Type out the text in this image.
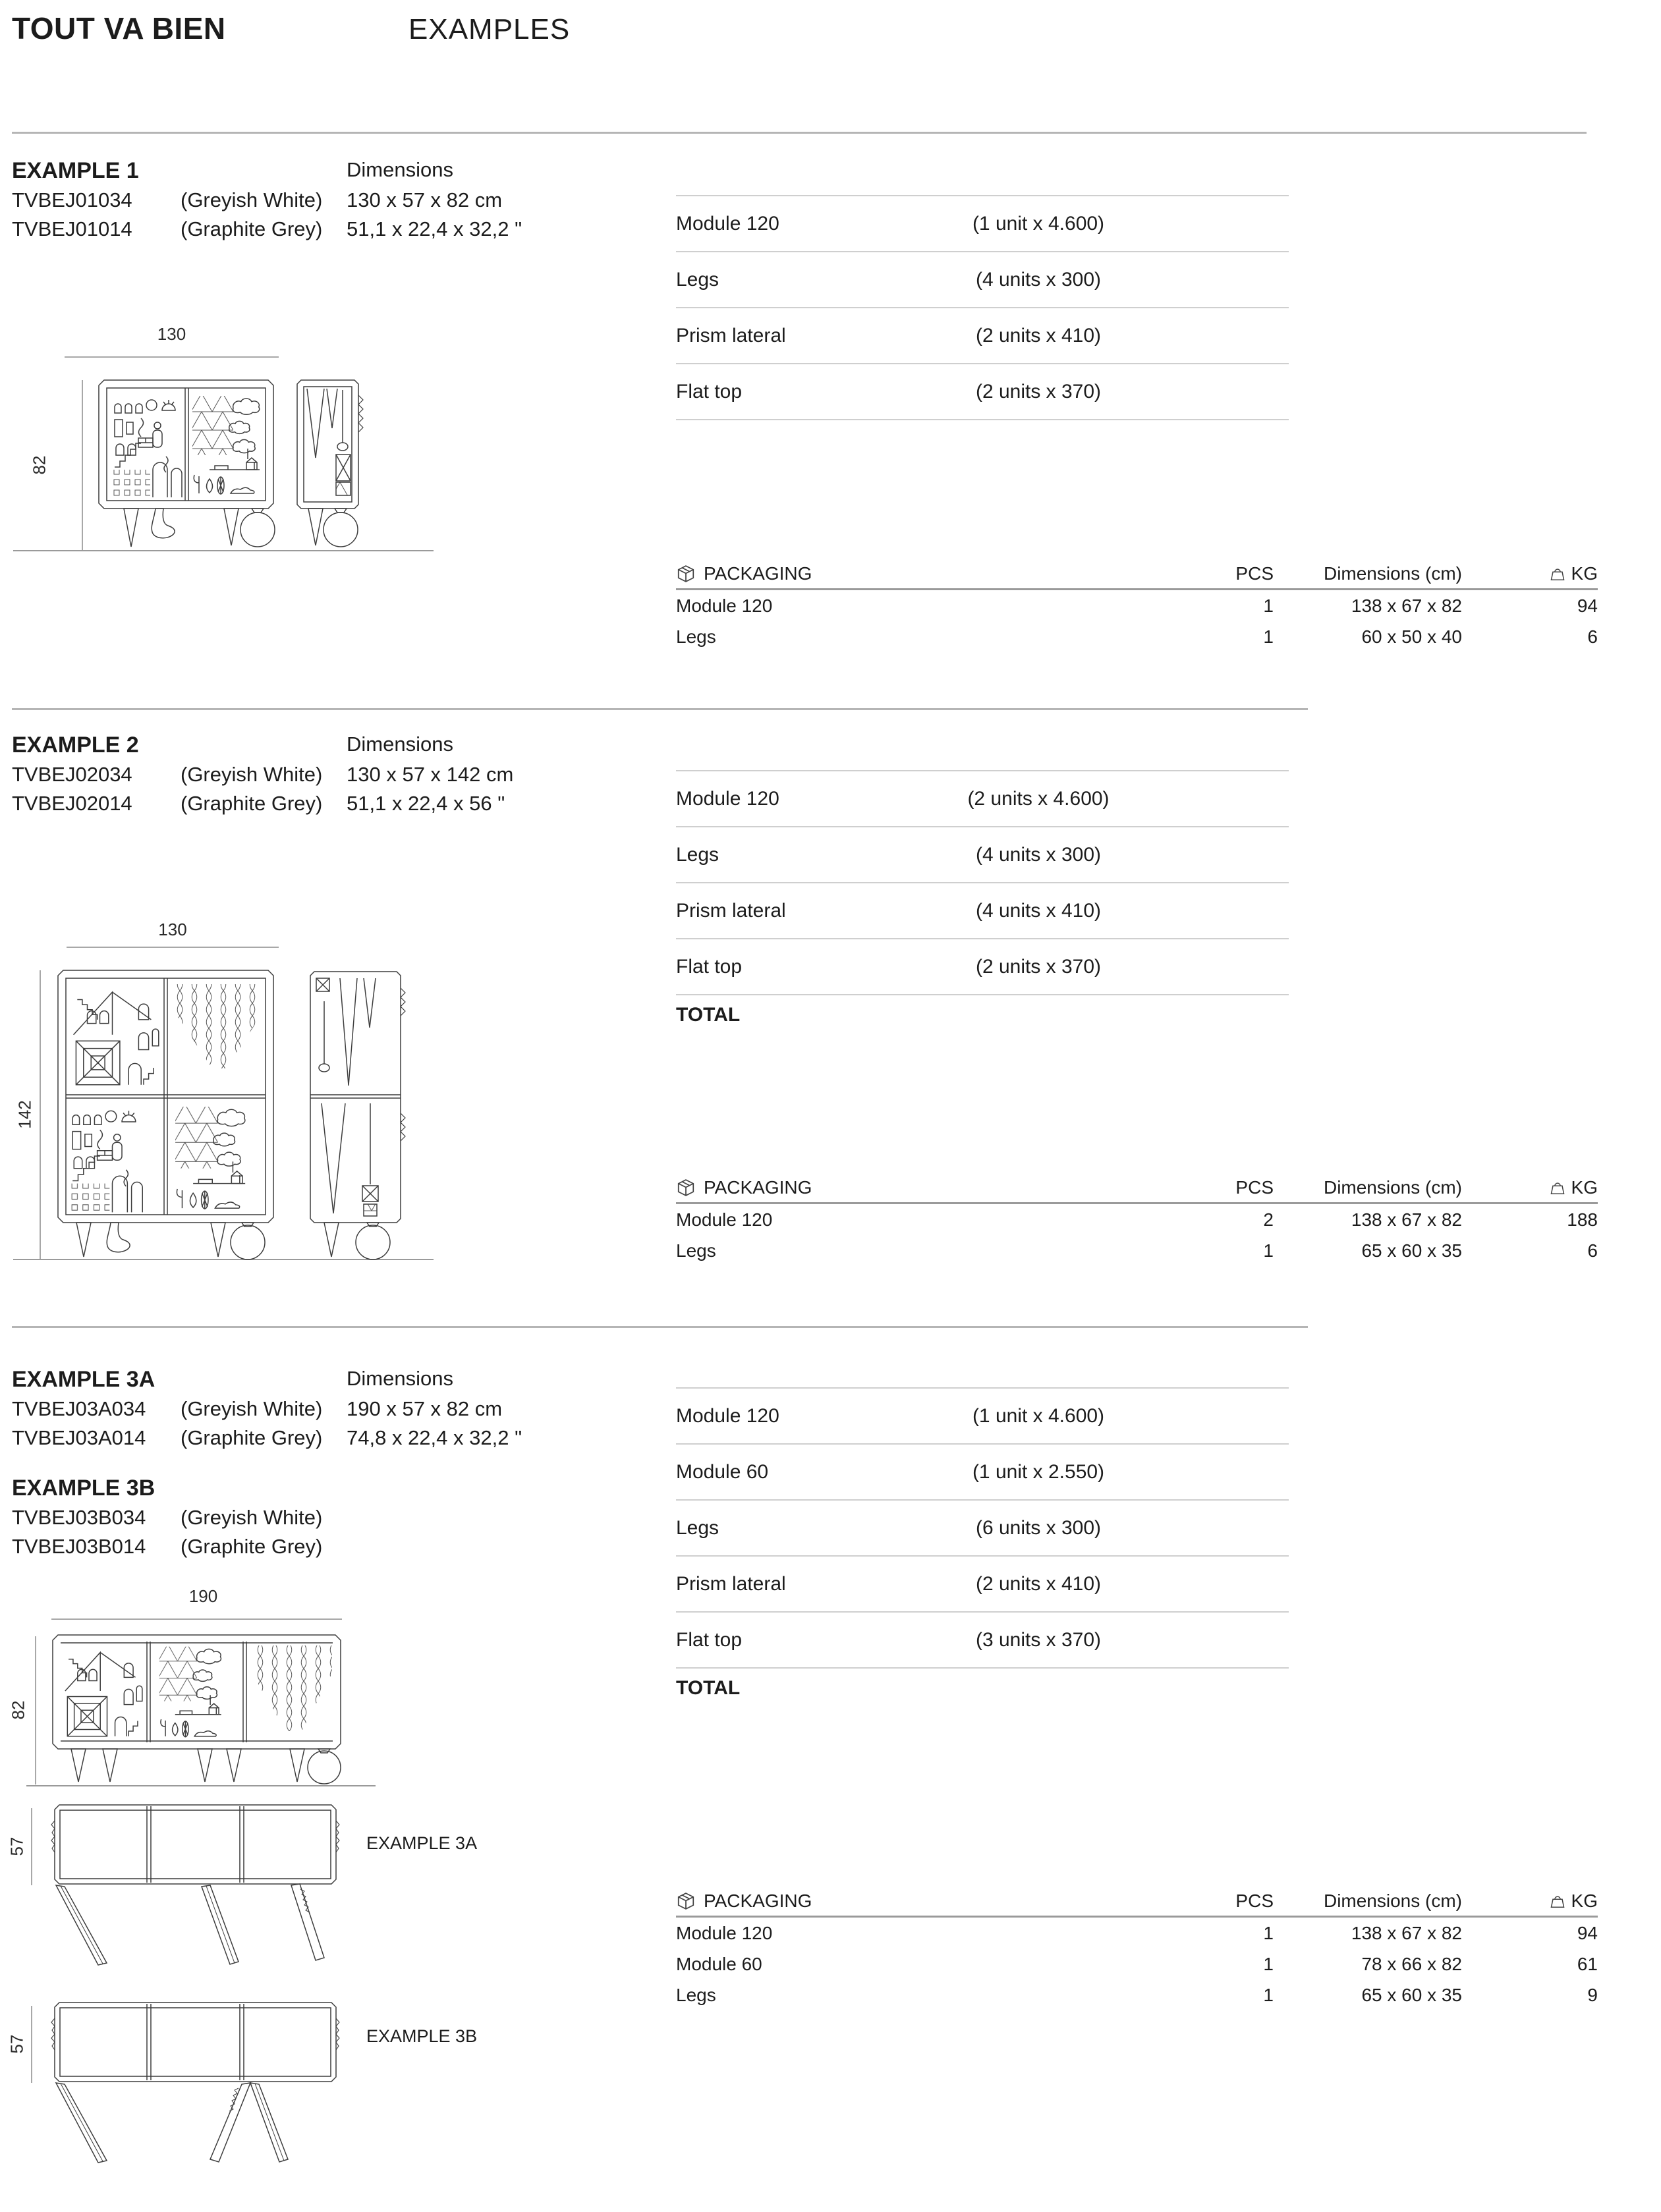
TOUT VA BIEN	EXAMPLES
EXAMPLE 1
TVBEJ01034 (Greyish White)
TVBEJ01014 (Graphite Grey)
Dimensions
130 x 57 x 82 cm
51,1 x 22,4 x 32,2 "
130
82
Module 120	(1 unit x 4.600)
Legs	(4 units x 300)
Prism lateral	(2 units x 410)
Flat top	(2 units x 370)
PACKAGING	PCS	Dimensions (cm)	KG
Module 120	1	138 x 67 x 82	94
Legs	1	60 x 50 x 40	6
EXAMPLE 2
TVBEJ02034 (Greyish White)
TVBEJ02014 (Graphite Grey)
Dimensions
130 x 57 x 142 cm
51,1 x 22,4 x 56 "
130
142
Module 120	(2 units x 4.600)
Legs	(4 units x 300)
Prism lateral	(4 units x 410)
Flat top	(2 units x 370)
TOTAL
PACKAGING	PCS	Dimensions (cm)	KG
Module 120	2	138 x 67 x 82	188
Legs	1	65 x 60 x 35	6
EXAMPLE 3A
TVBEJ03A034 (Greyish White)
TVBEJ03A014 (Graphite Grey)
Dimensions
190 x 57 x 82 cm
74,8 x 22,4 x 32,2 "
EXAMPLE 3B
TVBEJ03B034 (Greyish White)
TVBEJ03B014 (Graphite Grey)
190
82
57	EXAMPLE 3A
57	EXAMPLE 3B
Module 120	(1 unit x 4.600)
Module 60	(1 unit x 2.550)
Legs	(6 units x 300)
Prism lateral	(2 units x 410)
Flat top	(3 units x 370)
TOTAL
PACKAGING	PCS	Dimensions (cm)	KG
Module 120	1	138 x 67 x 82	94
Module 60	1	78 x 66 x 82	61
Legs	1	65 x 60 x 35	9
